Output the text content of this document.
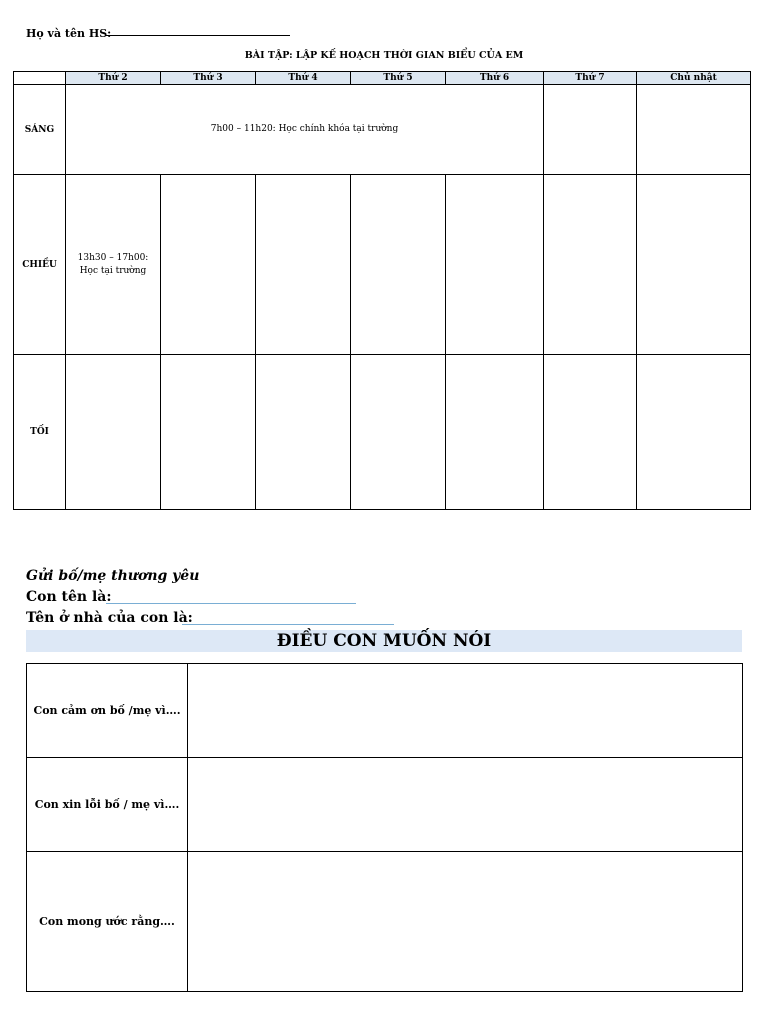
Họ và tên HS:
BÀI TẬP: LẬP KẾ HOẠCH THỜI GIAN BIỂU CỦA EM
	Thứ 2	Thứ 3	Thứ 4	Thứ 5	Thứ 6	Thứ 7	Chủ nhật
SÁNG	7h00 – 11h20: Học chính khóa tại trường						
CHIỀU	13h30 – 17h00:
Học tại trường						

TỐI							
Gửi bố/mẹ thương yêu
Con tên là:
Tên ở nhà của con là:
ĐIỀU CON MUỐN NÓI
Con cảm ơn bố /mẹ vì….	
Con xin lỗi bố / mẹ vì….	
Con mong ước rằng….	
